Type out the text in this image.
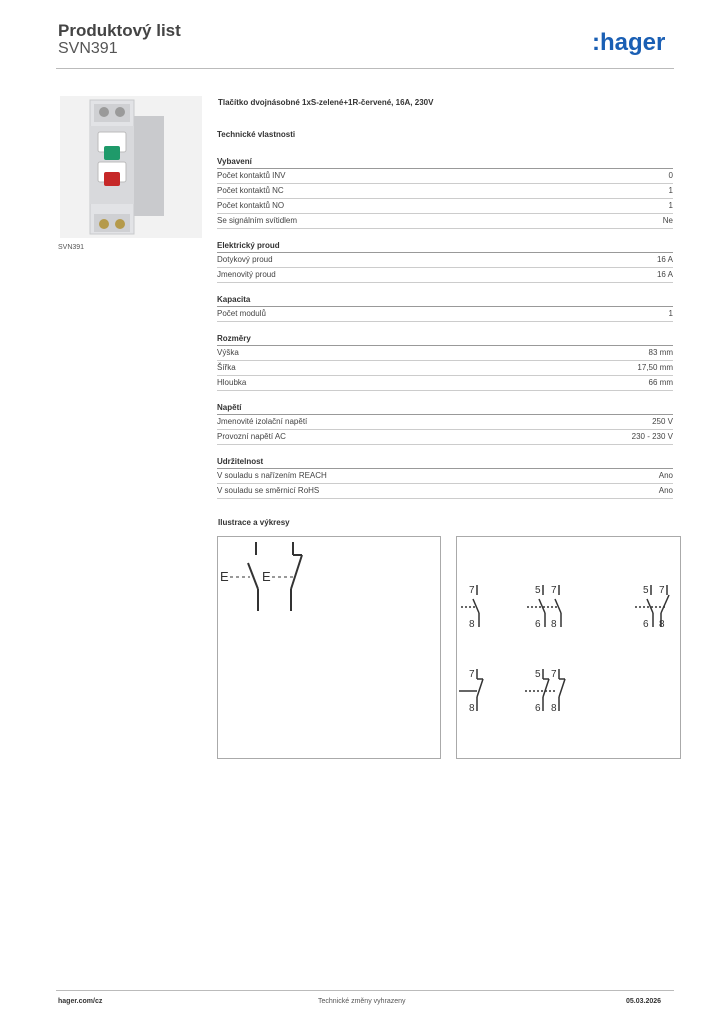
Produktový list
SVN391	:hager
SVN391
Tlačítko dvojnásobné 1xS-zelené+1R-červené, 16A, 230V
Technické vlastnosti
Vybavení
Počet kontaktů INV	0
Počet kontaktů NC	1
Počet kontaktů NO	1
Se signálním svítidlem	Ne
Elektrický proud
Dotykový proud	16 A
Jmenovitý proud	16 A
Kapacita
Počet modulů	1
Rozměry
Výška	83 mm
Šířka	17,50 mm
Hloubka	66 mm
Napětí
Jmenovité izolační napětí	250 V
Provozní napětí AC	230 - 230 V
Udržitelnost
V souladu s nařízením REACH	Ano
V souladu se směrnicí RoHS	Ano
Ilustrace a výkresy
E	E
7
8
5 7
6 8
5 7
6 8
7
8
5 7
6 8
hager.com/cz	Technické změny vyhrazeny	05.03.2026
